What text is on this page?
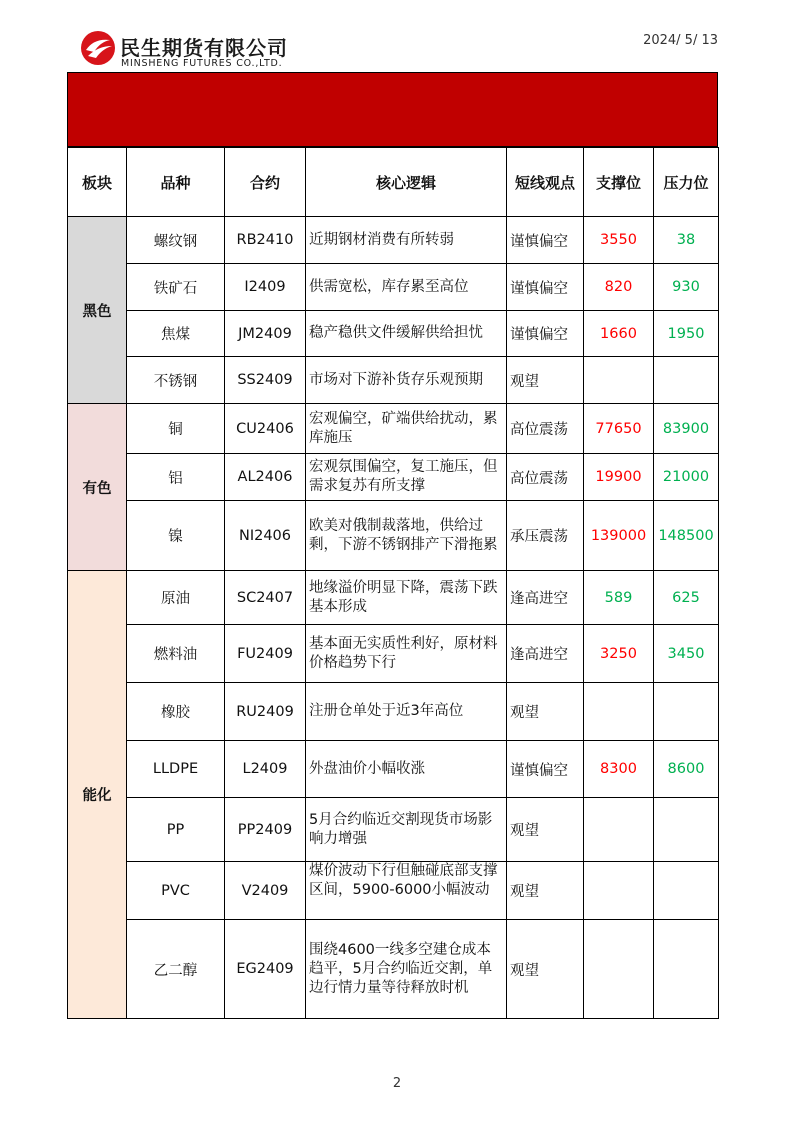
民生期货有限公司
MINSHENG FUTURES CO.,LTD.
2024/ 5/ 13
板块	品种	合约	核心逻辑	短线观点	支撑位	压力位
黑色	螺纹钢	RB2410	近期钢材消费有所转弱	谨慎偏空	3550	38
	铁矿石	I2409	供需宽松，库存累至高位	谨慎偏空	820	930
	焦煤	JM2409	稳产稳供文件缓解供给担忧	谨慎偏空	1660	1950
	不锈钢	SS2409	市场对下游补货存乐观预期	观望		
有色	铜	CU2406	宏观偏空，矿端供给扰动，累库施压	高位震荡	77650	83900
	铝	AL2406	宏观氛围偏空，复工施压，但需求复苏有所支撑	高位震荡	19900	21000
	镍	NI2406	欧美对俄制裁落地，供给过剩，下游不锈钢排产下滑拖累	承压震荡	139000	148500
能化	原油	SC2407	地缘溢价明显下降，震荡下跌基本形成	逢高进空	589	625
	燃料油	FU2409	基本面无实质性利好，原材料价格趋势下行	逢高进空	3250	3450
	橡胶	RU2409	注册仓单处于近3年高位	观望		
	LLDPE	L2409	外盘油价小幅收涨	谨慎偏空	8300	8600
	PP	PP2409	5月合约临近交割现货市场影响力增强	观望		
	PVC	V2409	煤价波动下行但触碰底部支撑区间，5900-6000小幅波动	观望		
	乙二醇	EG2409	围绕4600一线多空建仓成本趋平，5月合约临近交割，单边行情力量等待释放时机	观望		
2
